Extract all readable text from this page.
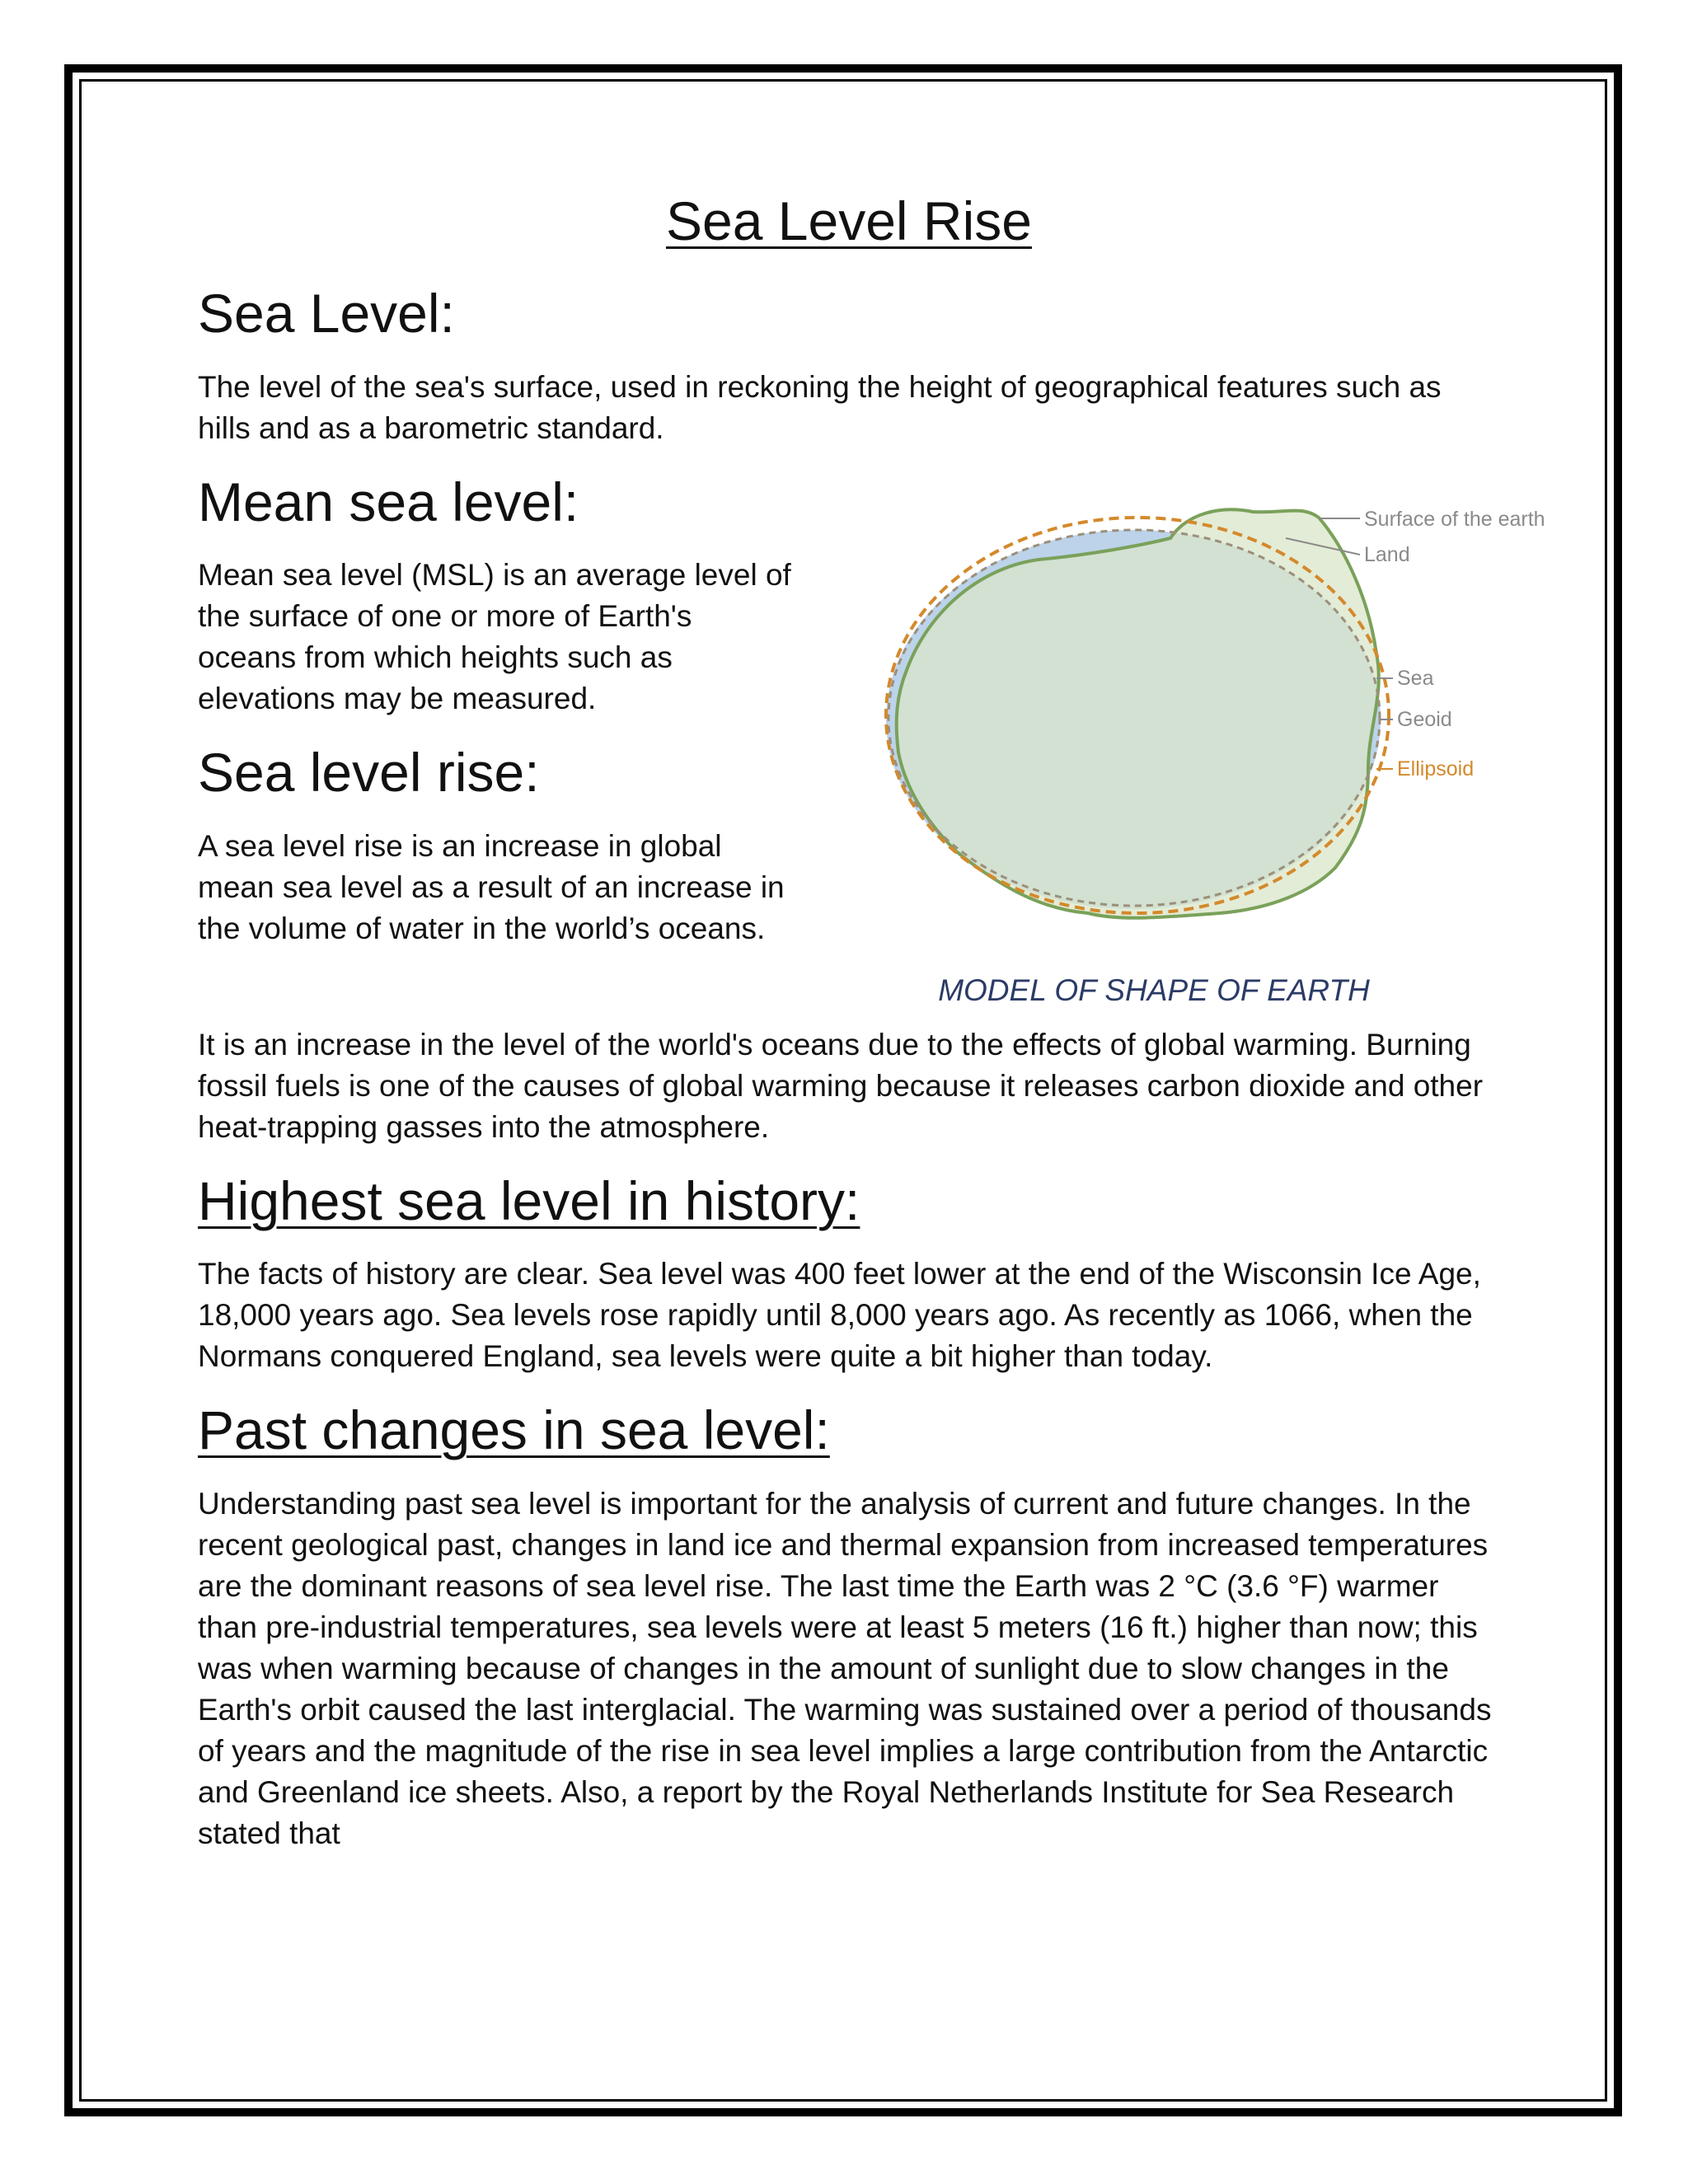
Sea Level Rise
Sea Level:

The level of the sea's surface, used in reckoning the height of geographical features such as hills and as a barometric standard.

Mean sea level:

Mean sea level (MSL) is an average level of the surface of one or more of Earth's oceans from which heights such as elevations may be measured.

Sea level rise:

A sea level rise is an increase in global mean sea level as a result of an increase in the volume of water in the world’s oceans.

Surface of the earth
Land
Sea
Geoid
Ellipsoid
MODEL OF SHAPE OF EARTH

It is an increase in the level of the world's oceans due to the effects of global warming. Burning fossil fuels is one of the causes of global warming because it releases carbon dioxide and other heat-trapping gasses into the atmosphere.

Highest sea level in history:

The facts of history are clear. Sea level was 400 feet lower at the end of the Wisconsin Ice Age, 18,000 years ago. Sea levels rose rapidly until 8,000 years ago. As recently as 1066, when the Normans conquered England, sea levels were quite a bit higher than today.

Past changes in sea level:

Understanding past sea level is important for the analysis of current and future changes. In the recent geological past, changes in land ice and thermal expansion from increased temperatures are the dominant reasons of sea level rise. The last time the Earth was 2 °C (3.6 °F) warmer than pre-industrial temperatures, sea levels were at least 5 meters (16 ft.) higher than now; this was when warming because of changes in the amount of sunlight due to slow changes in the Earth's orbit caused the last interglacial. The warming was sustained over a period of thousands of years and the magnitude of the rise in sea level implies a large contribution from the Antarctic and Greenland ice sheets. Also, a report by the Royal Netherlands Institute for Sea Research stated that
